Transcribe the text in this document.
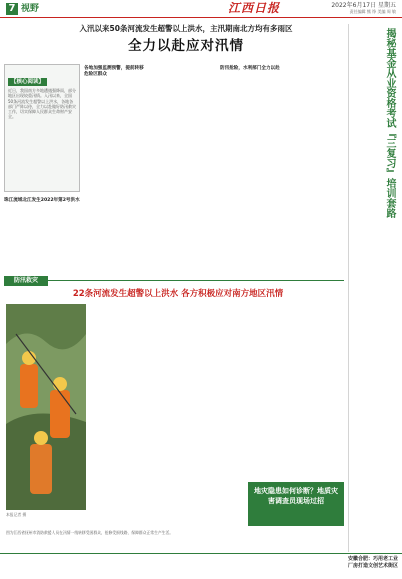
7 视野	江西日报	2022年6月17日 星期五
责任编辑 熊 铮 美编 周 敏
入汛以来50条河流发生超警以上洪水，主汛期南北方均有多雨区
全力以赴应对汛情
【核心阅读】
近日，我国南方多地遭遇强降雨，部分地区出现较重汛情。入汛以来，全国50条河流发生超警以上洪水，各地各部门严阵以待，全力以赴做好防汛救灾工作，切实保障人民群众生命财产安全。
珠江流域北江发生2022年第2号洪水
各地加强监测预警，提前转移危险区群众
防汛抢险，水利部门全力以赴	揭秘基金从业资格考试『三复习』培训套路
防汛救灾
22条河流发生超警以上洪水 各方积极应对南方地区汛情
本报记者 摄
地灾隐患如何诊断？地质灾害调查员现场过招
图为江西省抚州市消防救援人员在汛情一线转移受困群众，抢修受损线路，保障群众正常生产生活。
安徽合肥：巧用老工业厂房打造文创艺术街区
